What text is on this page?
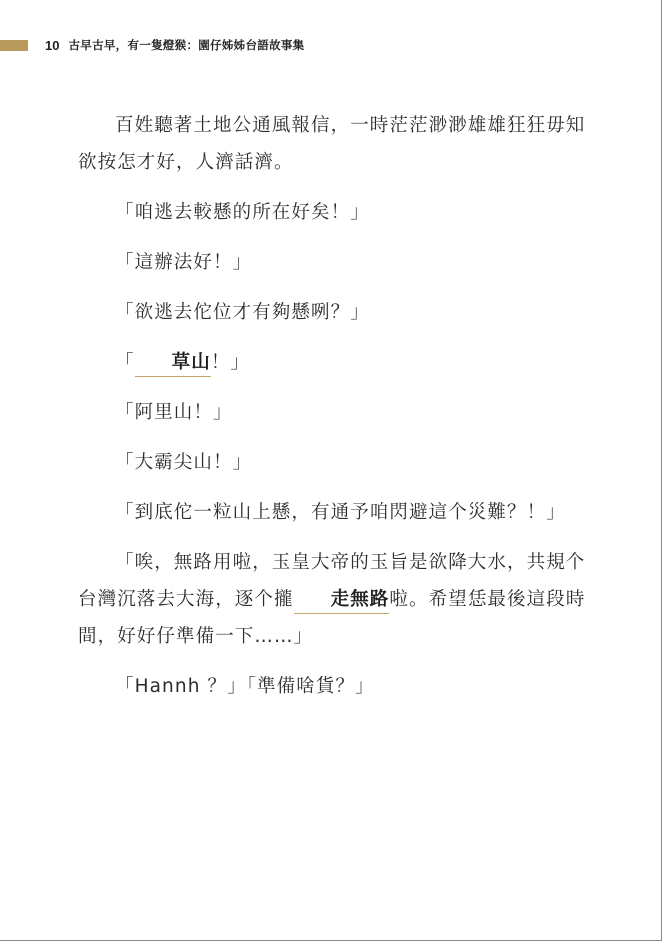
10 古早古早，有一隻燈猴：園仔姊姊台語故事集

百姓聽著土地公通風報信，一時茫茫渺渺雄雄狂狂毋知欲按怎才好，人濟話濟。

「咱逃去較懸的所在好矣！」

「這辦法好！」

「欲逃去佗位才有夠懸咧？」

「 草山！」

「阿里山！」

「大霸尖山！」

「到底佗一粒山上懸，有通予咱閃避這个災難？！」

「唉，無路用啦，玉皇大帝的玉旨是欲降大水，共規个台灣沉落去大海，逐个攏 走無路啦。希望恁最後這段時間，好好仔準備一下……」

「Hannh ？」「準備啥貨？」
